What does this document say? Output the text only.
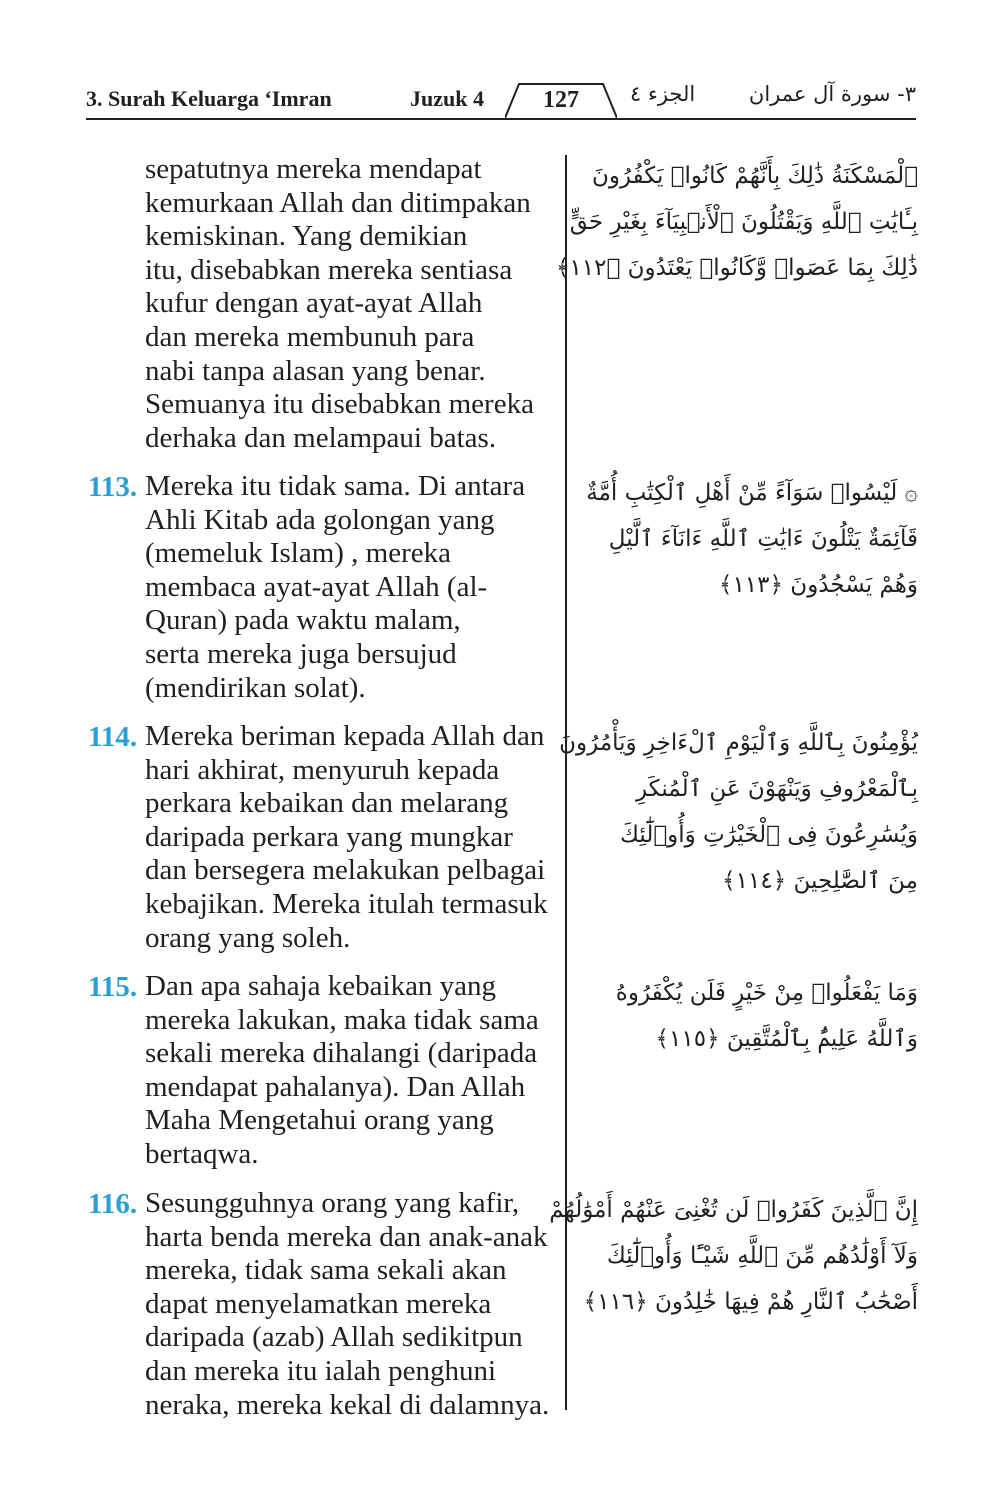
3. Surah Keluarga ‘Imran	Juzuk 4	127	الجزء ٤	٣- سورة آل عمران
sepatutnya mereka mendapat
kemurkaan Allah dan ditimpakan
kemiskinan. Yang demikian
itu, disebabkan mereka sentiasa
kufur dengan ayat-ayat Allah
dan mereka membunuh para
nabi tanpa alasan yang benar.
Semuanya itu disebabkan mereka
derhaka dan melampaui batas.
ٱلْمَسْكَنَةُ ذَٰلِكَ بِأَنَّهُمْ كَانُوا۟ يَكْفُرُونَ
بِـَٔايَٰتِ ٱللَّهِ وَيَقْتُلُونَ ٱلْأَنۢبِيَآءَ بِغَيْرِ حَقٍّ
ذَٰلِكَ بِمَا عَصَوا۟ وَّكَانُوا۟ يَعْتَدُونَ ﴿١١٢﴾
113. Mereka itu tidak sama. Di antara
Ahli Kitab ada golongan yang
(memeluk Islam) , mereka
membaca ayat-ayat Allah (al-
Quran) pada waktu malam,
serta mereka juga bersujud
(mendirikan solat).
۞ لَيْسُوا۟ سَوَآءً مِّنْ أَهْلِ ٱلْكِتَٰبِ أُمَّةٌ
قَآئِمَةٌ يَتْلُونَ ءَايَٰتِ ٱللَّهِ ءَانَآءَ ٱلَّيْلِ
وَهُمْ يَسْجُدُونَ ﴿١١٣﴾
114. Mereka beriman kepada Allah dan
hari akhirat, menyuruh kepada
perkara kebaikan dan melarang
daripada perkara yang mungkar
dan bersegera melakukan pelbagai
kebajikan. Mereka itulah termasuk
orang yang soleh.
يُؤْمِنُونَ بِٱللَّهِ وَٱلْيَوْمِ ٱلْءَاخِرِ وَيَأْمُرُونَ
بِٱلْمَعْرُوفِ وَيَنْهَوْنَ عَنِ ٱلْمُنكَرِ
وَيُسَٰرِعُونَ فِى ٱلْخَيْرَٰتِ وَأُو۟لَٰٓئِكَ
مِنَ ٱلصَّٰلِحِينَ ﴿١١٤﴾
115. Dan apa sahaja kebaikan yang
mereka lakukan, maka tidak sama
sekali mereka dihalangi (daripada
mendapat pahalanya). Dan Allah
Maha Mengetahui orang yang
bertaqwa.
وَمَا يَفْعَلُوا۟ مِنْ خَيْرٍ فَلَن يُكْفَرُوهُ
وَٱللَّهُ عَلِيمٌۢ بِٱلْمُتَّقِينَ ﴿١١٥﴾
116. Sesungguhnya orang yang kafir,
harta benda mereka dan anak-anak
mereka, tidak sama sekali akan
dapat menyelamatkan mereka
daripada (azab) Allah sedikitpun
dan mereka itu ialah penghuni
neraka, mereka kekal di dalamnya.
إِنَّ ٱلَّذِينَ كَفَرُوا۟ لَن تُغْنِىَ عَنْهُمْ أَمْوَٰلُهُمْ
وَلَآ أَوْلَٰدُهُم مِّنَ ٱللَّهِ شَيْـًٔا وَأُو۟لَٰٓئِكَ
أَصْحَٰبُ ٱلنَّارِ هُمْ فِيهَا خَٰلِدُونَ ﴿١١٦﴾
